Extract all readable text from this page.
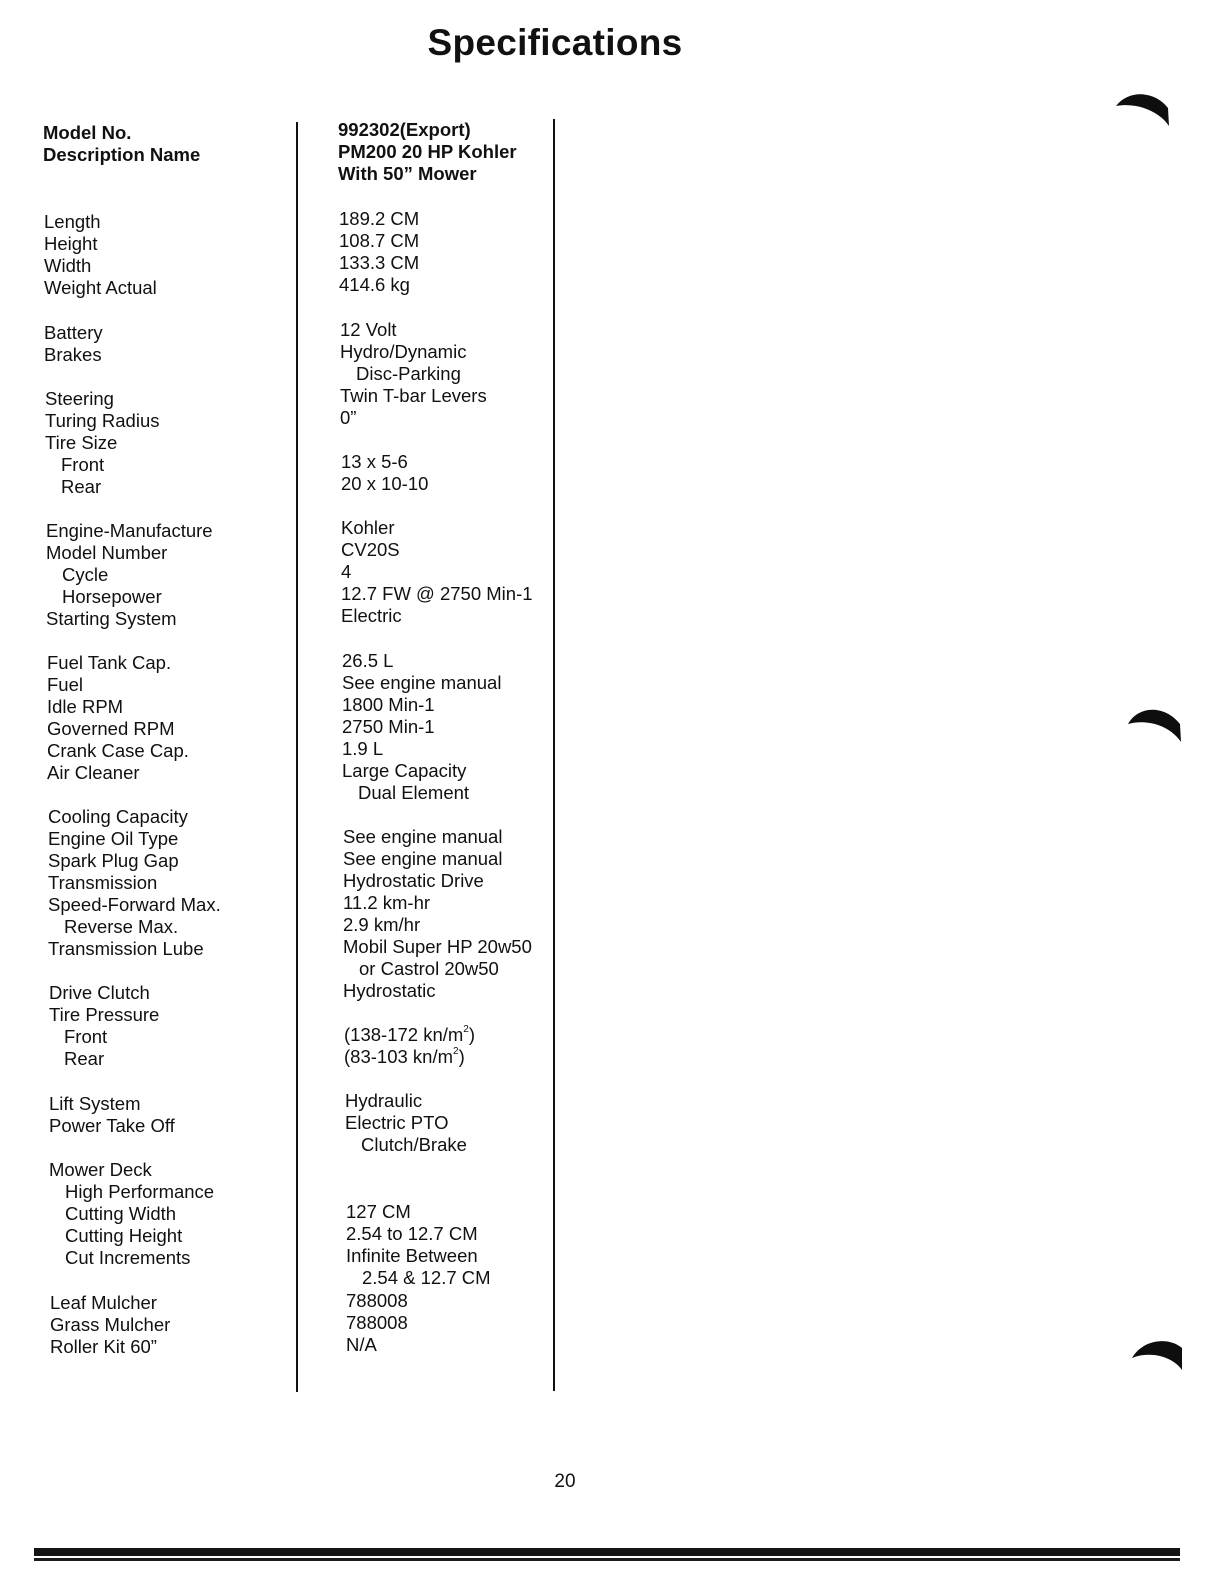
Specifications
Model No.
Description Name
Length
Height
Width
Weight Actual
Battery
Brakes
Steering
Turing Radius
Tire Size
Front
Rear
Engine-Manufacture
Model Number
Cycle
Horsepower
Starting System
Fuel Tank Cap.
Fuel
Idle RPM
Governed RPM
Crank Case Cap.
Air Cleaner
Cooling Capacity
Engine Oil Type
Spark Plug Gap
Transmission
Speed-Forward Max.
Reverse Max.
Transmission Lube
Drive Clutch
Tire Pressure
Front
Rear
Lift System
Power Take Off
Mower Deck
High Performance
Cutting Width
Cutting Height
Cut Increments
Leaf Mulcher
Grass Mulcher
Roller Kit 60”
992302(Export)
PM200 20 HP Kohler
With 50” Mower
189.2 CM
108.7 CM
133.3 CM
414.6 kg
12 Volt
Hydro/Dynamic
Disc-Parking
Twin T-bar Levers
0”
13 x 5-6
20 x 10-10
Kohler
CV20S
4
12.7 FW @ 2750 Min-1
Electric
26.5 L
See engine manual
1800 Min-1
2750 Min-1
1.9 L
Large Capacity
Dual Element
See engine manual
See engine manual
Hydrostatic Drive
11.2 km-hr
2.9 km/hr
Mobil Super HP 20w50
or Castrol 20w50
Hydrostatic
(138-172 $kn/m^2$)
(83-103 $kn/m^2$)
Hydraulic
Electric PTO
Clutch/Brake
127 CM
2.54 to 12.7 CM
Infinite Between
2.54 & 12.7 CM
788008
788008
N/A
20
